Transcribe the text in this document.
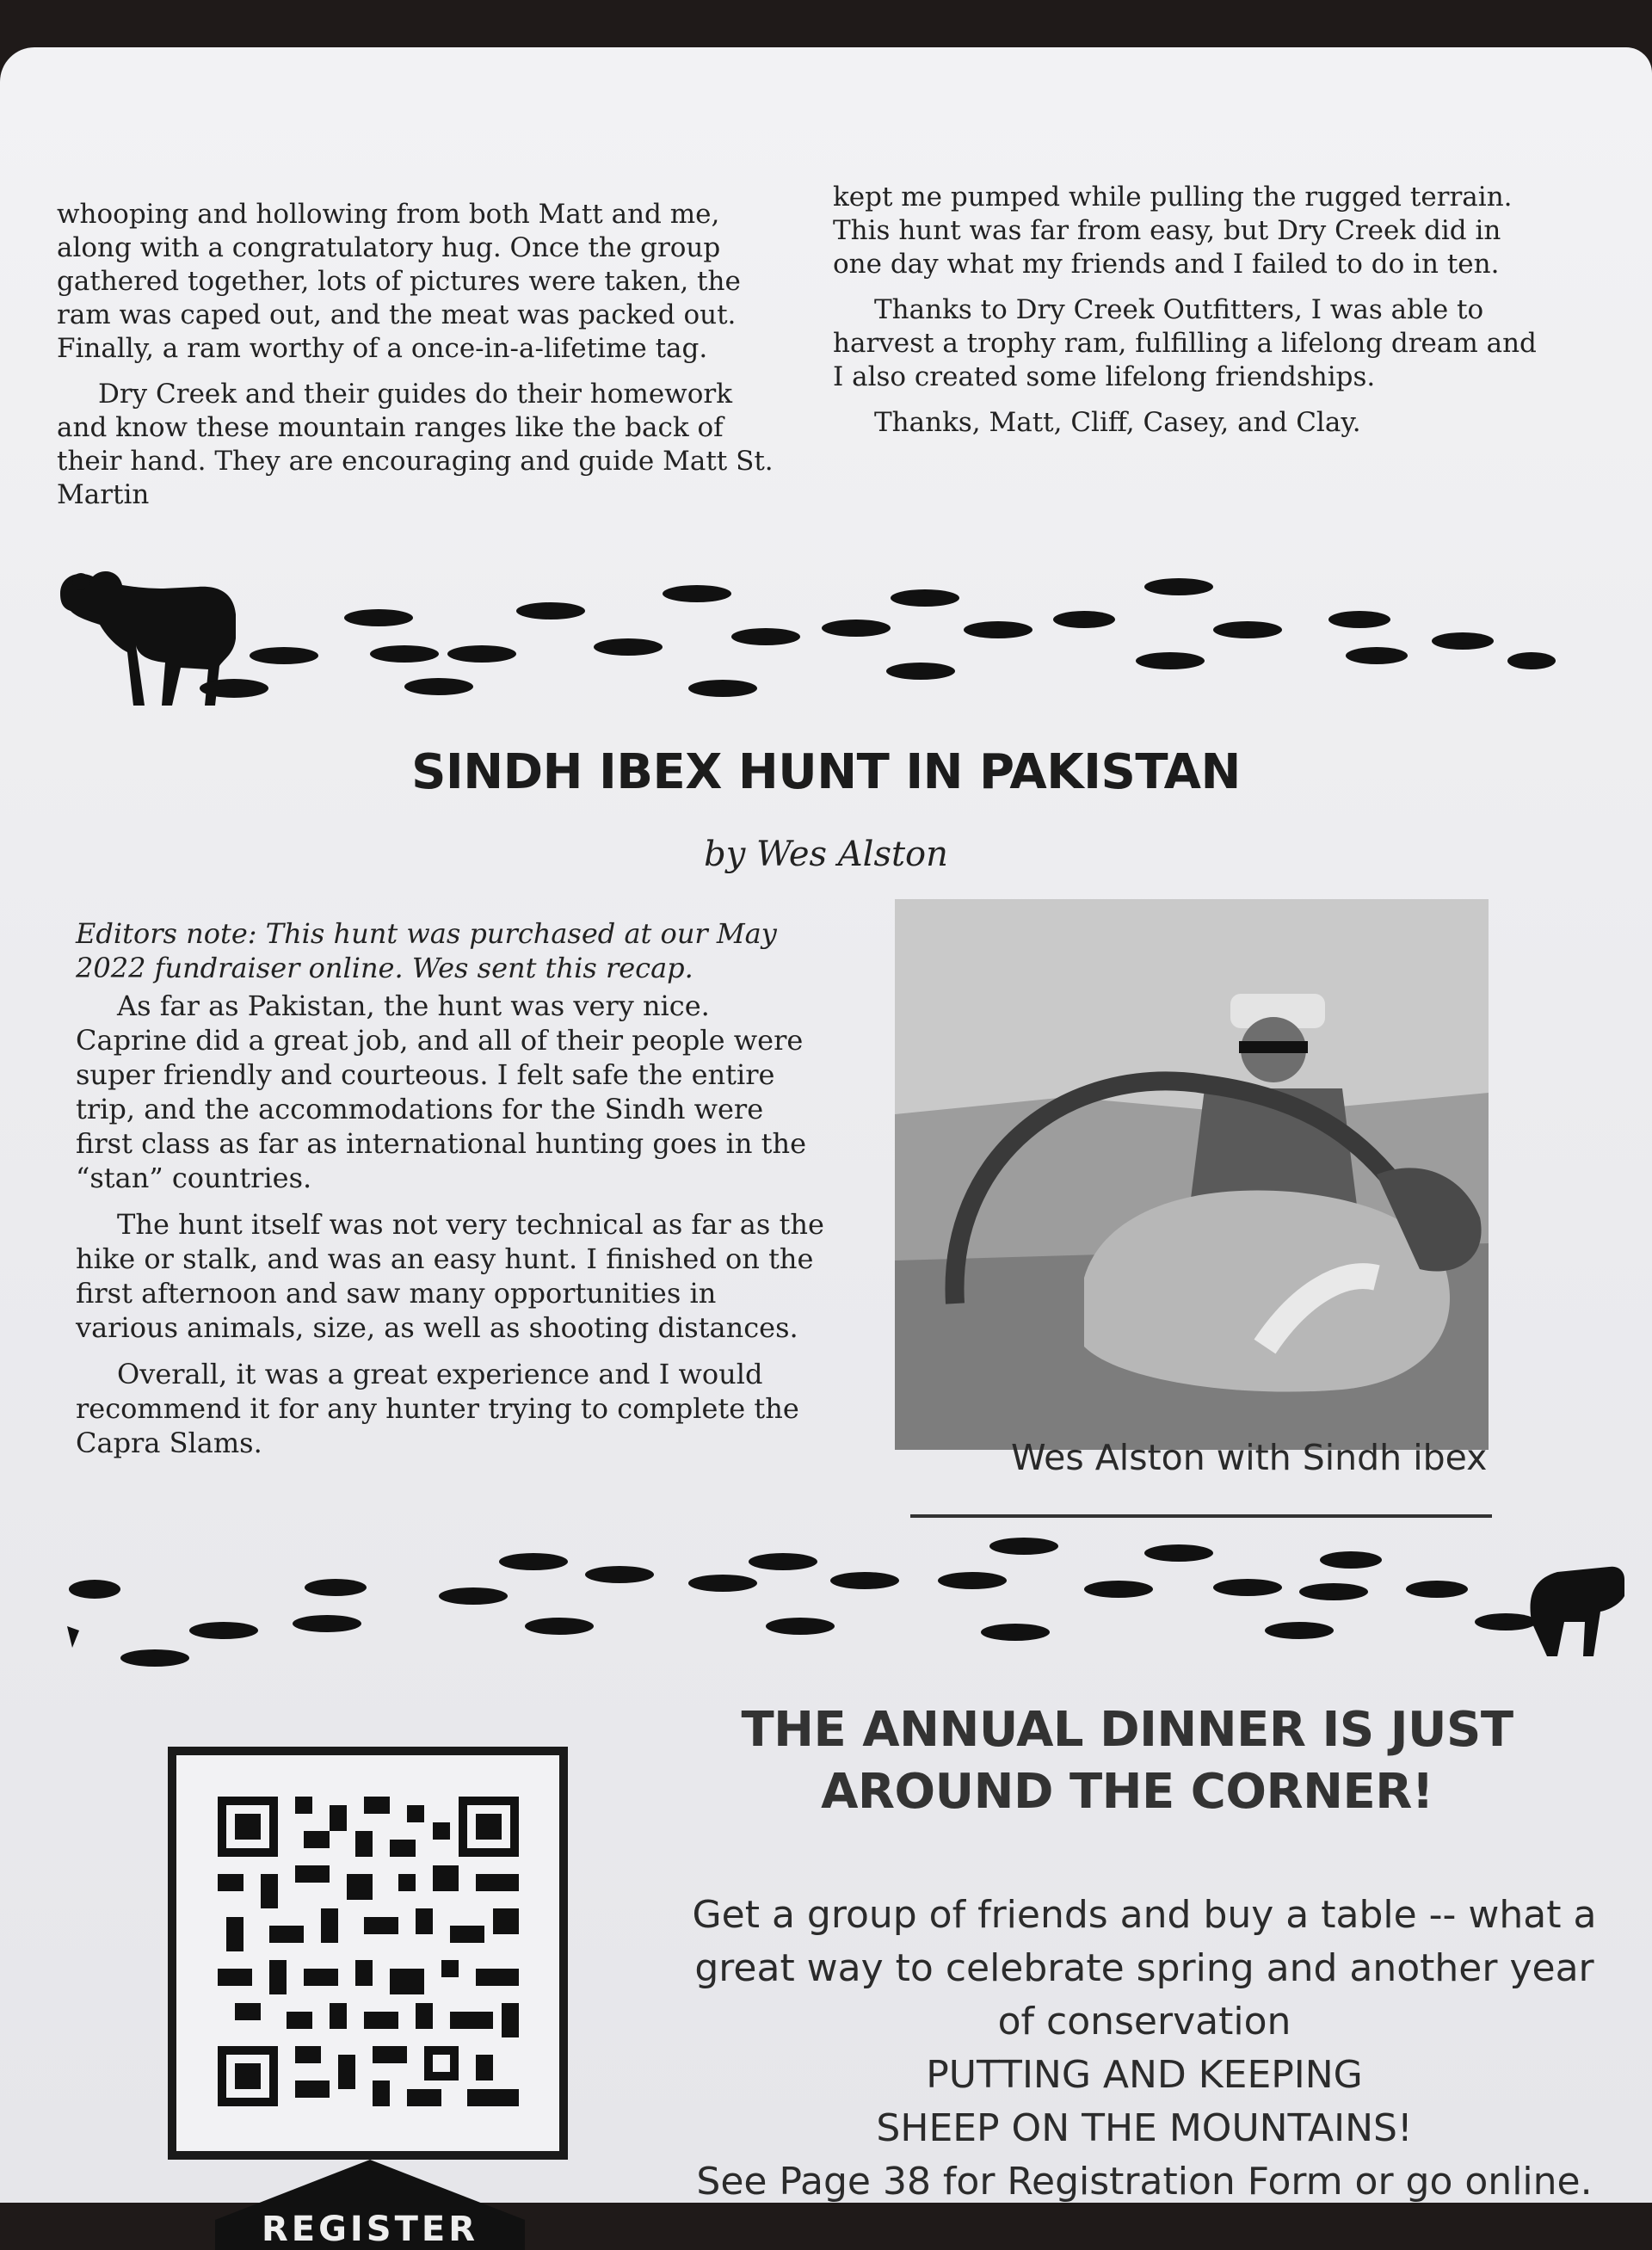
whooping and hollowing from both Matt and me, along with a congratulatory hug. Once the group gathered together, lots of pictures were taken, the ram was caped out, and the meat was packed out. Finally, a ram worthy of a once-in-a-lifetime tag.

Dry Creek and their guides do their homework and know these mountain ranges like the back of their hand. They are encouraging and guide Matt St. Martin

kept me pumped while pulling the rugged terrain. This hunt was far from easy, but Dry Creek did in one day what my friends and I failed to do in ten.

Thanks to Dry Creek Outfitters, I was able to harvest a trophy ram, fulfilling a lifelong dream and I also created some lifelong friendships.

Thanks, Matt, Cliff, Casey, and Clay.

SINDH IBEX HUNT IN PAKISTAN
by Wes Alston

Editors note: This hunt was purchased at our May 2022 fundraiser online. Wes sent this recap.

As far as Pakistan, the hunt was very nice. Caprine did a great job, and all of their people were super friendly and courteous. I felt safe the entire trip, and the accommodations for the Sindh were first class as far as international hunting goes in the “stan” countries.

The hunt itself was not very technical as far as the hike or stalk, and was an easy hunt. I finished on the first afternoon and saw many opportunities in various animals, size, as well as shooting distances.

Overall, it was a great experience and I would recommend it for any hunter trying to complete the Capra Slams.	Wes Alston with Sindh ibex
REGISTER
THE ANNUAL DINNER IS JUST
AROUND THE CORNER!
Get a group of friends and buy a table -- what a
great way to celebrate spring and another year
of conservation
PUTTING AND KEEPING
SHEEP ON THE MOUNTAINS!
See Page 38 for Registration Form or go online.
